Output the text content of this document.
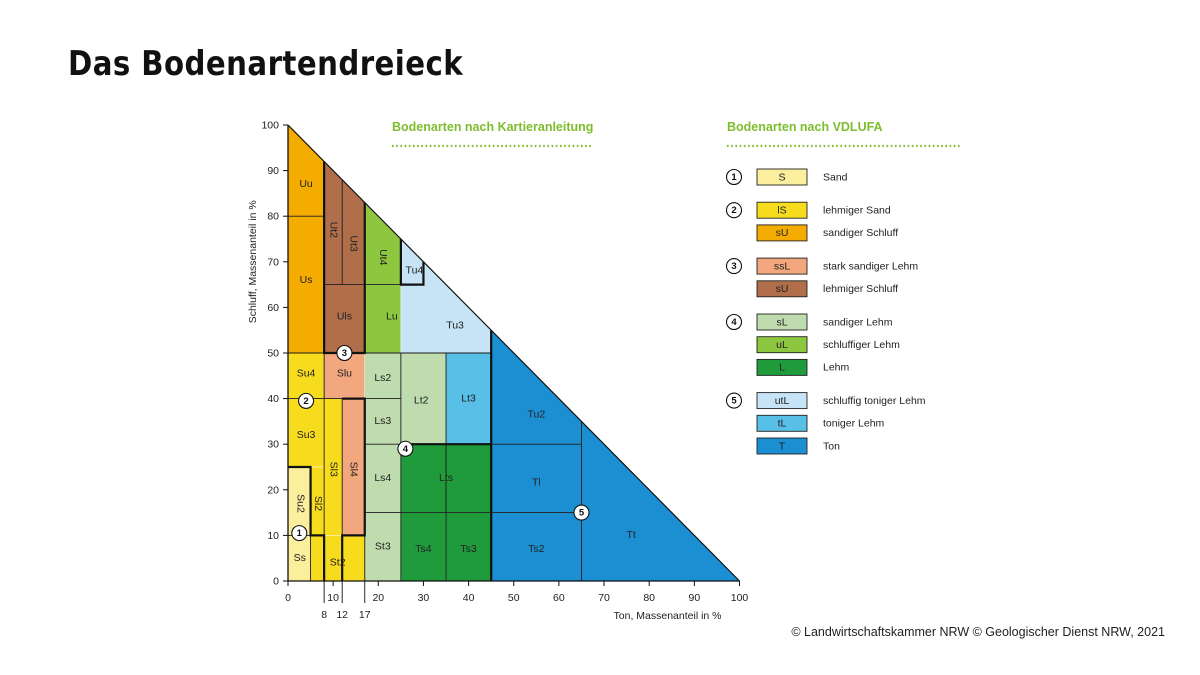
Das Bodenartendreieck
0
10
20
30
40
50
60
70
80
90
100
0	10	20	30	40	50	60	70	80	90	100
8 12 17	Ton, Massenanteil in %
Schluff, Massenanteil in %
Uu
Us
Ut2
Ut3
Ut4
Uls	Lu
Tu4
Tu3
Su4 Slu
Su3
Sl3 Sl4
Su2 Sl2
Ss St2
Ls2
Ls3
Ls4
St3
Lt2	Lt3
Lts
Ts4	Ts3
Tu2
Tl
Ts2
Tt
1
2
3
4
5
Bodenarten nach Kartieranleitung	Bodenarten nach VDLUFA
1	S	Sand
2	lS	lehmiger Sand
sU	sandiger Schluff
3	ssL	stark sandiger Lehm
sU	lehmiger Schluff
4	sL	sandiger Lehm
uL	schluffiger Lehm
L	Lehm
5	utL	schluffig toniger Lehm
tL	toniger Lehm
T	Ton
© Landwirtschaftskammer NRW © Geologischer Dienst NRW, 2021
